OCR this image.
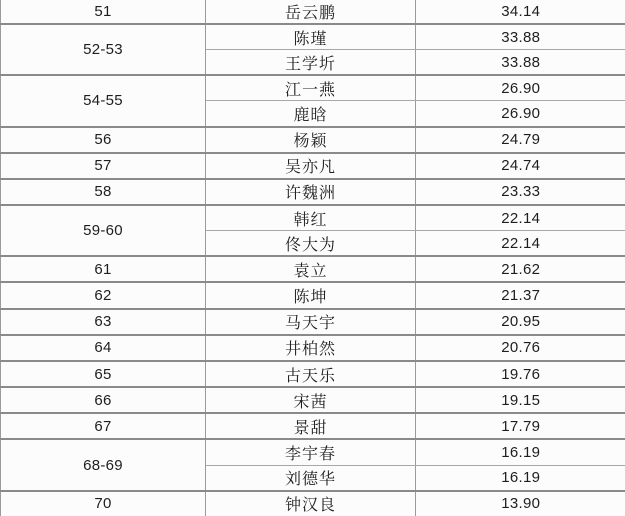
51	岳云鹏	34.14
52-53	陈瑾	33.88
	王学圻	33.88
54-55	江一燕	26.90
	鹿晗	26.90
56	杨颖	24.79
57	吴亦凡	24.74
58	许魏洲	23.33
59-60	韩红	22.14
	佟大为	22.14
61	袁立	21.62
62	陈坤	21.37
63	马天宇	20.95
64	井柏然	20.76
65	古天乐	19.76
66	宋茜	19.15
67	景甜	17.79
68-69	李宇春	16.19
	刘德华	16.19
70	钟汉良	13.90
